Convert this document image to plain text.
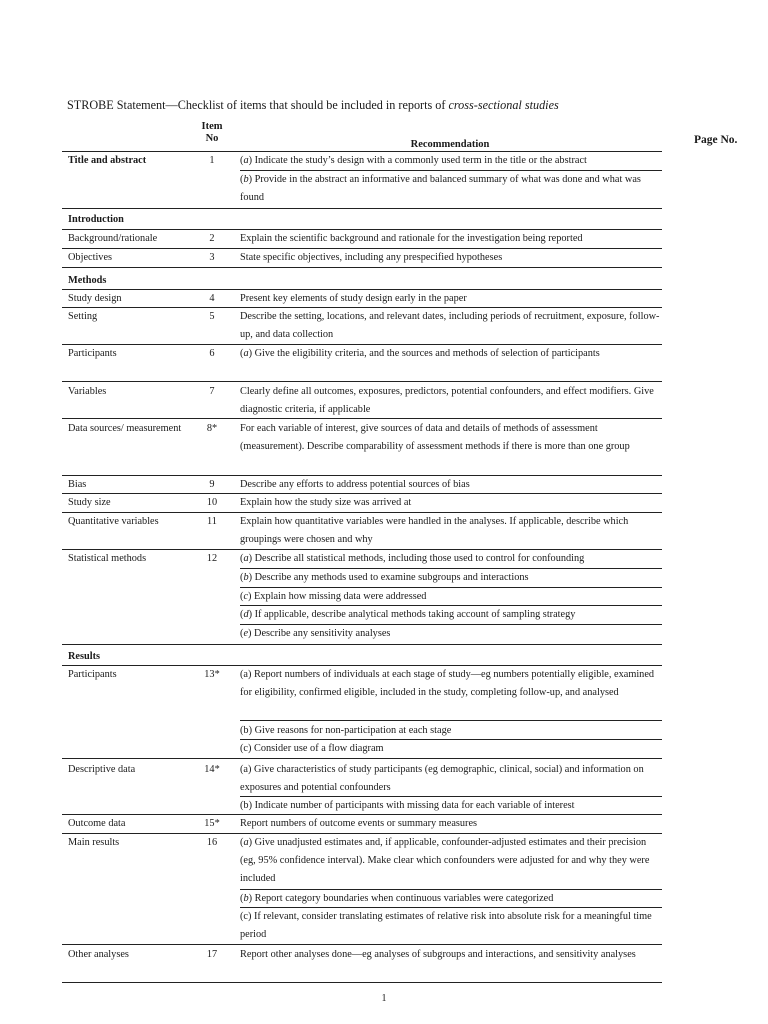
STROBE Statement—Checklist of items that should be included in reports of cross-sectional studies
Item
No
Recommendation	Page No.
Title and abstract	1	(a) Indicate the study’s design with a commonly used term in the title or the abstract
(b) Provide in the abstract an informative and balanced summary of what was done and what was found
Introduction
Background/rationale	2	Explain the scientific background and rationale for the investigation being reported
Objectives	3	State specific objectives, including any prespecified hypotheses
Methods
Study design	4	Present key elements of study design early in the paper
Setting	5	Describe the setting, locations, and relevant dates, including periods of recruitment, exposure, follow-up, and data collection
Participants	6	(a) Give the eligibility criteria, and the sources and methods of selection of participants
Variables	7	Clearly define all outcomes, exposures, predictors, potential confounders, and effect modifiers. Give diagnostic criteria, if applicable
Data sources/ measurement	8*	For each variable of interest, give sources of data and details of methods of assessment (measurement). Describe comparability of assessment methods if there is more than one group
Bias	9	Describe any efforts to address potential sources of bias
Study size	10	Explain how the study size was arrived at
Quantitative variables	11	Explain how quantitative variables were handled in the analyses. If applicable, describe which groupings were chosen and why
Statistical methods	12	(a) Describe all statistical methods, including those used to control for confounding
(b) Describe any methods used to examine subgroups and interactions
(c) Explain how missing data were addressed
(d) If applicable, describe analytical methods taking account of sampling strategy
(e) Describe any sensitivity analyses
Results
Participants	13*	(a) Report numbers of individuals at each stage of study—eg numbers potentially eligible, examined for eligibility, confirmed eligible, included in the study, completing follow-up, and analysed
(b) Give reasons for non-participation at each stage
(c) Consider use of a flow diagram
Descriptive data	14*	(a) Give characteristics of study participants (eg demographic, clinical, social) and information on exposures and potential confounders
(b) Indicate number of participants with missing data for each variable of interest
Outcome data	15*	Report numbers of outcome events or summary measures
Main results	16	(a) Give unadjusted estimates and, if applicable, confounder-adjusted estimates and their precision (eg, 95% confidence interval). Make clear which confounders were adjusted for and why they were included
(b) Report category boundaries when continuous variables were categorized
(c) If relevant, consider translating estimates of relative risk into absolute risk for a meaningful time period
Other analyses	17	Report other analyses done—eg analyses of subgroups and interactions, and sensitivity analyses
1
